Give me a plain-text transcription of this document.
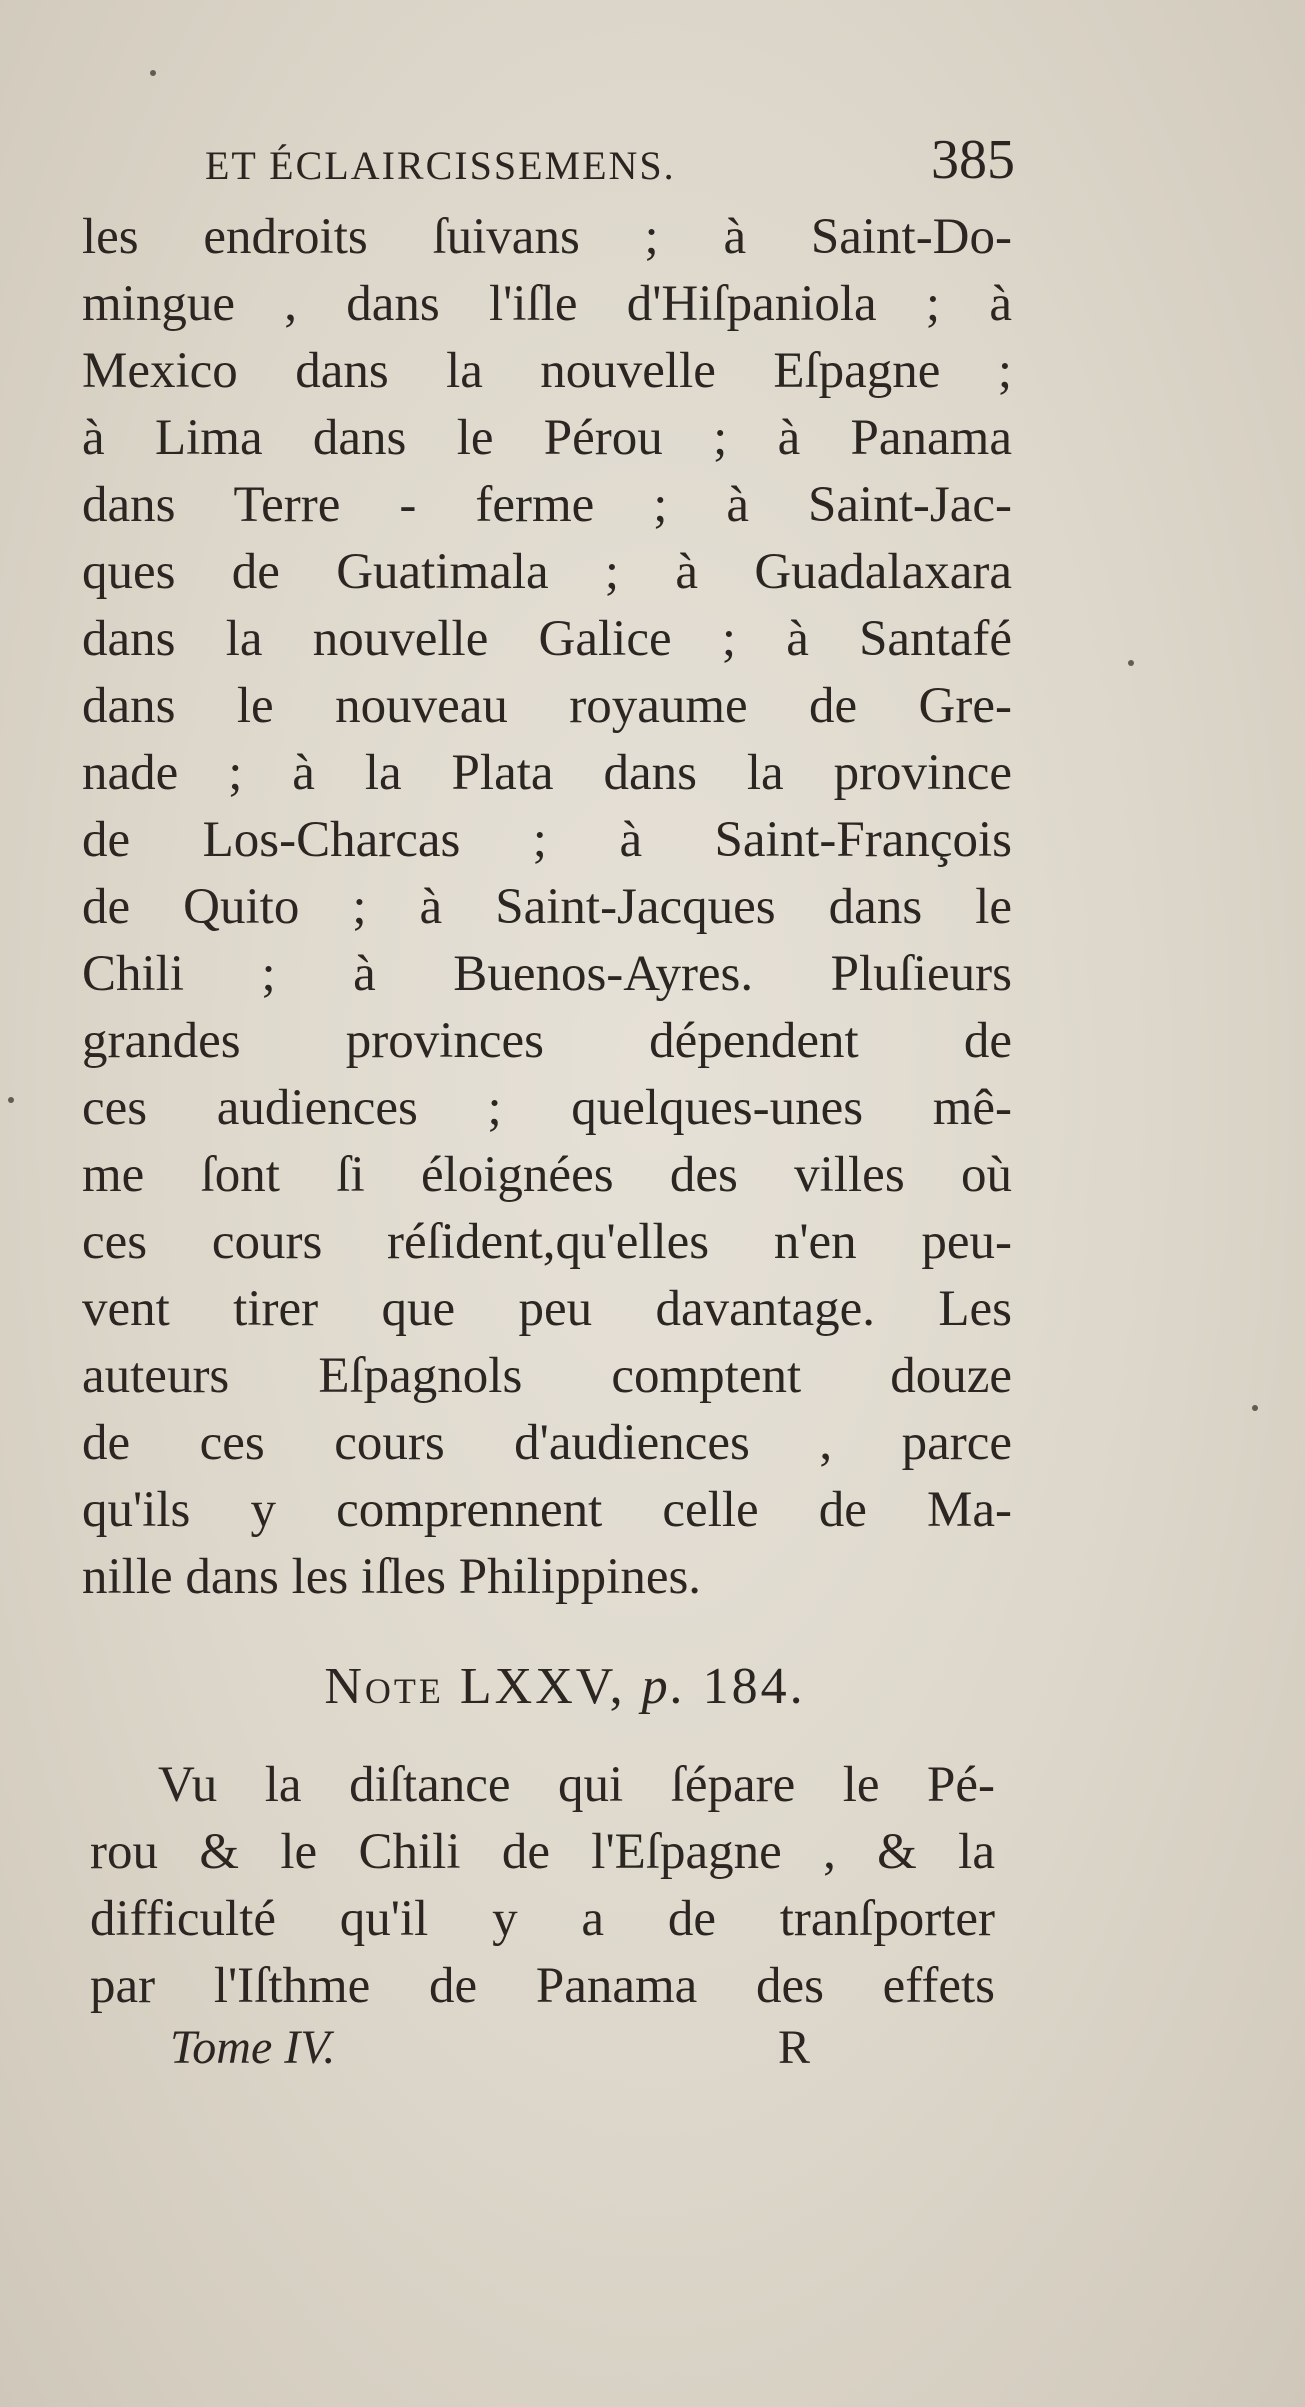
ET ÉCLAIRCISSEMENS.	385
les endroits ſuivans ; à Saint-Do-
mingue , dans l'iſle d'Hiſpaniola ; à
Mexico dans la nouvelle Eſpagne ;
à Lima dans le Pérou ; à Panama
dans Terre - ferme ; à Saint-Jac-
ques de Guatimala ; à Guadalaxara
dans la nouvelle Galice ; à Santafé
dans le nouveau royaume de Gre-
nade ; à la Plata dans la province
de Los-Charcas ; à Saint-François
de Quito ; à Saint-Jacques dans le
Chili ; à Buenos-Ayres. Pluſieurs
grandes provinces dépendent de
ces audiences ; quelques-unes mê-
me ſont ſi éloignées des villes où
ces cours réſident,qu'elles n'en peu-
vent tirer que peu davantage. Les
auteurs Eſpagnols comptent douze
de ces cours d'audiences , parce
qu'ils y comprennent celle de Ma-
nille dans les iſles Philippines.
Note LXXV, p. 184.
Vu la diſtance qui ſépare le Pé-
rou & le Chili de l'Eſpagne , & la
difficulté qu'il y a de tranſporter
par l'Iſthme de Panama des effets
Tome IV.	R
